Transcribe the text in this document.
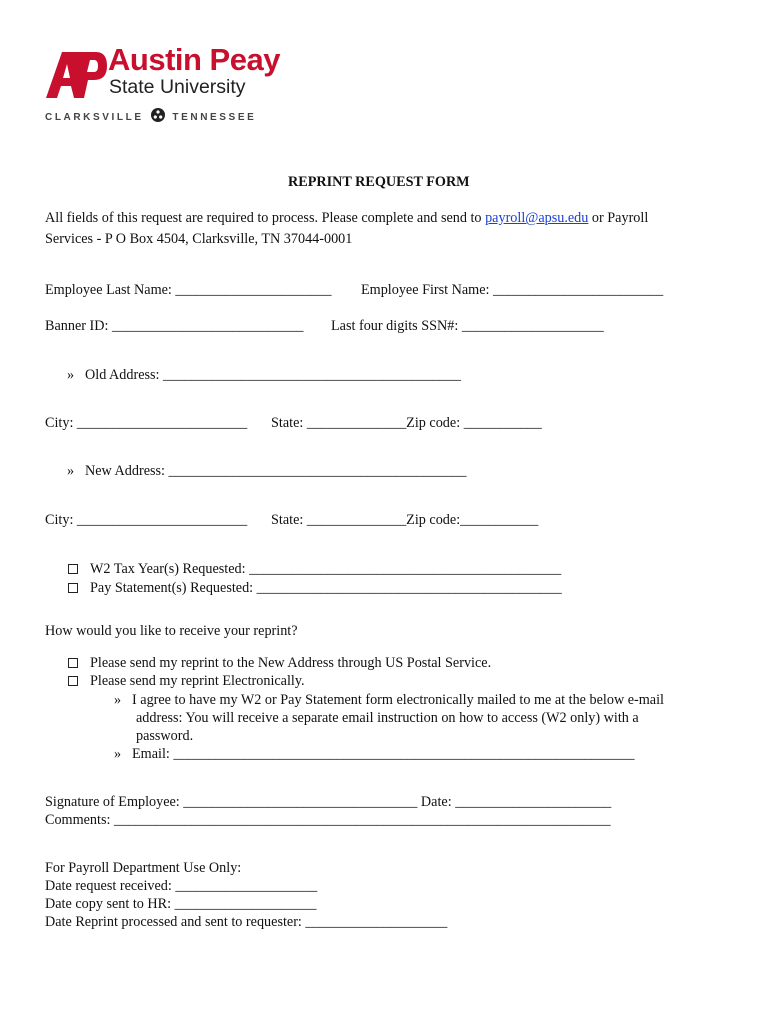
Austin Peay
State University
CLARKSVILLE	TENNESSEE
REPRINT REQUEST FORM
All fields of this request are required to process. Please complete and send to payroll@apsu.edu or Payroll
Services - P O Box 4504, Clarksville, TN 37044-0001
Employee Last Name: ______________________ Employee First Name: ________________________
Banner ID: ___________________________ Last four digits SSN#: ____________________
» Old Address: __________________________________________
City: ________________________ State: ______________Zip code: ___________
» New Address: __________________________________________
City: ________________________ State: ______________Zip code:___________
W2 Tax Year(s) Requested: ____________________________________________
Pay Statement(s) Requested: ___________________________________________
How would you like to receive your reprint?
Please send my reprint to the New Address through US Postal Service.
Please send my reprint Electronically.
» I agree to have my W2 or Pay Statement form electronically mailed to me at the below e-mail
address: You will receive a separate email instruction on how to access (W2 only) with a
password.
» Email: _________________________________________________________________
Signature of Employee: _________________________________ Date: ______________________
Comments: ______________________________________________________________________
For Payroll Department Use Only:
Date request received: ____________________
Date copy sent to HR: ____________________
Date Reprint processed and sent to requester: ____________________
